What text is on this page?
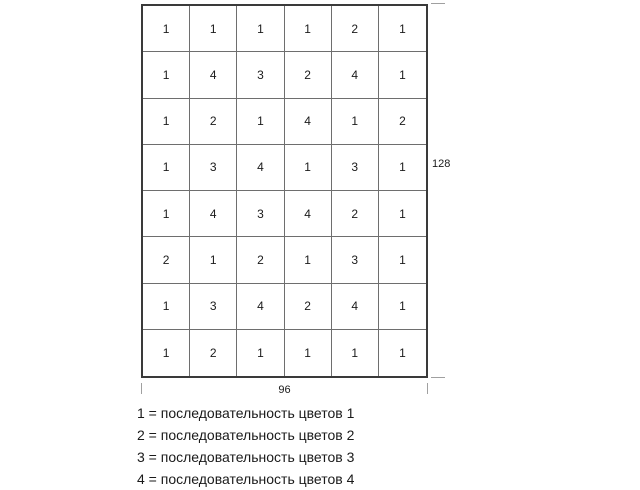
1	1	1	1	2	1
1	4	3	2	4	1
1	2	1	4	1	2
1	3	4	1	3	1
1	4	3	4	2	1
2	1	2	1	3	1
1	3	4	2	4	1
1	2	1	1	1	1
128
96
1 = последовательность цветов 1
2 = последовательность цветов 2
3 = последовательность цветов 3
4 = последовательность цветов 4
